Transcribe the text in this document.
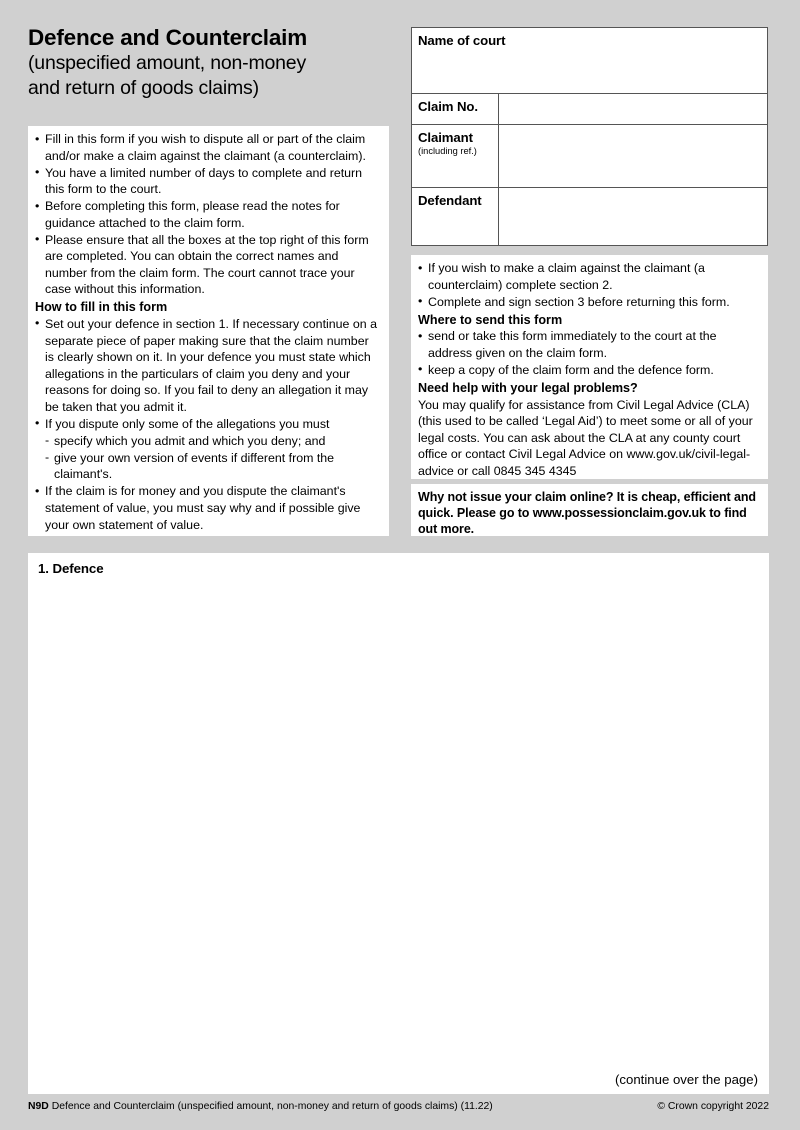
Defence and Counterclaim
(unspecified amount, non-money
and return of goods claims)
• Fill in this form if you wish to dispute all or part of the claim and/or make a claim against the claimant (a counterclaim).
• You have a limited number of days to complete and return this form to the court.
• Before completing this form, please read the notes for guidance attached to the claim form.
• Please ensure that all the boxes at the top right of this form are completed. You can obtain the correct names and number from the claim form. The court cannot trace your case without this information.
How to fill in this form
• Set out your defence in section 1. If necessary continue on a separate piece of paper making sure that the claim number is clearly shown on it. In your defence you must state which allegations in the particulars of claim you deny and your reasons for doing so. If you fail to deny an allegation it may be taken that you admit it.
• If you dispute only some of the allegations you must
- specify which you admit and which you deny; and
- give your own version of events if different from the claimant's.
• If the claim is for money and you dispute the claimant's statement of value, you must say why and if possible give your own statement of value.
Name of court
Claim No.
Claimant
(including ref.)
Defendant
• If you wish to make a claim against the claimant (a counterclaim) complete section 2.
• Complete and sign section 3 before returning this form.
Where to send this form
• send or take this form immediately to the court at the address given on the claim form.
• keep a copy of the claim form and the defence form.
Need help with your legal problems?
You may qualify for assistance from Civil Legal Advice (CLA) (this used to be called ‘Legal Aid’) to meet some or all of your legal costs. You can ask about the CLA at any county court office or contact Civil Legal Advice on www.gov.uk/civil-legal-advice or call 0845 345 4345
Why not issue your claim online? It is cheap, efficient and quick. Please go to www.possessionclaim.gov.uk to find out more.
1. Defence
(continue over the page)
N9D Defence and Counterclaim (unspecified amount, non-money and return of goods claims) (11.22)	© Crown copyright 2022
